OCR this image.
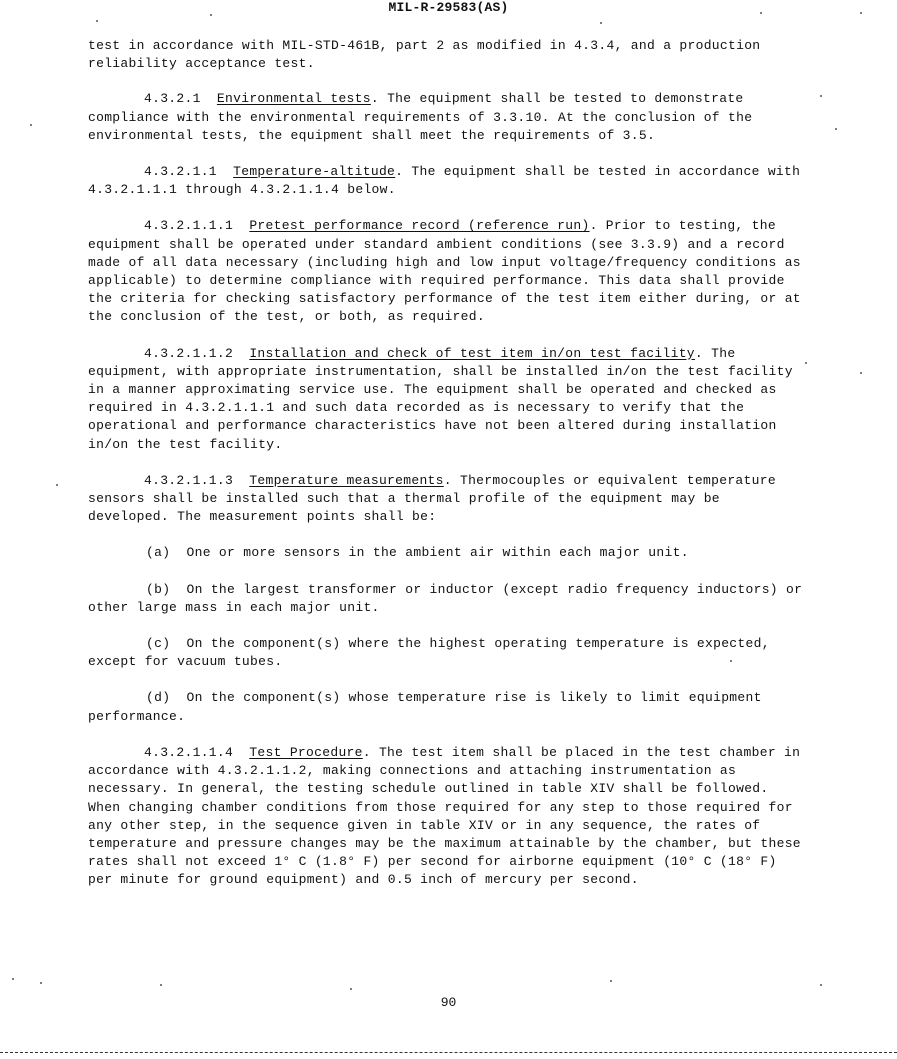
MIL-R-29583(AS)

test in accordance with MIL-STD-461B, part 2 as modified in 4.3.4, and a production reliability acceptance test.

4.3.2.1 Environmental tests. The equipment shall be tested to demonstrate compliance with the environmental requirements of 3.3.10. At the conclusion of the environmental tests, the equipment shall meet the requirements of 3.5.

4.3.2.1.1 Temperature-altitude. The equipment shall be tested in accordance with 4.3.2.1.1.1 through 4.3.2.1.1.4 below.

4.3.2.1.1.1 Pretest performance record (reference run). Prior to testing, the equipment shall be operated under standard ambient conditions (see 3.3.9) and a record made of all data necessary (including high and low input voltage/frequency conditions as applicable) to determine compliance with required performance. This data shall provide the criteria for checking satisfactory performance of the test item either during, or at the conclusion of the test, or both, as required.

4.3.2.1.1.2 Installation and check of test item in/on test facility. The equipment, with appropriate instrumentation, shall be installed in/on the test facility in a manner approximating service use. The equipment shall be operated and checked as required in 4.3.2.1.1.1 and such data recorded as is necessary to verify that the operational and performance characteristics have not been altered during installation in/on the test facility.

4.3.2.1.1.3 Temperature measurements. Thermocouples or equivalent temperature sensors shall be installed such that a thermal profile of the equipment may be developed. The measurement points shall be:

(a) One or more sensors in the ambient air within each major unit.

(b) On the largest transformer or inductor (except radio frequency inductors) or other large mass in each major unit.

(c) On the component(s) where the highest operating temperature is expected, except for vacuum tubes.

(d) On the component(s) whose temperature rise is likely to limit equipment performance.

4.3.2.1.1.4 Test Procedure. The test item shall be placed in the test chamber in accordance with 4.3.2.1.1.2, making connections and attaching instrumentation as necessary. In general, the testing schedule outlined in table XIV shall be followed. When changing chamber conditions from those required for any step to those required for any other step, in the sequence given in table XIV or in any sequence, the rates of temperature and pressure changes may be the maximum attainable by the chamber, but these rates shall not exceed 1° C (1.8° F) per second for airborne equipment (10° C (18° F) per minute for ground equipment) and 0.5 inch of mercury per second.

90
